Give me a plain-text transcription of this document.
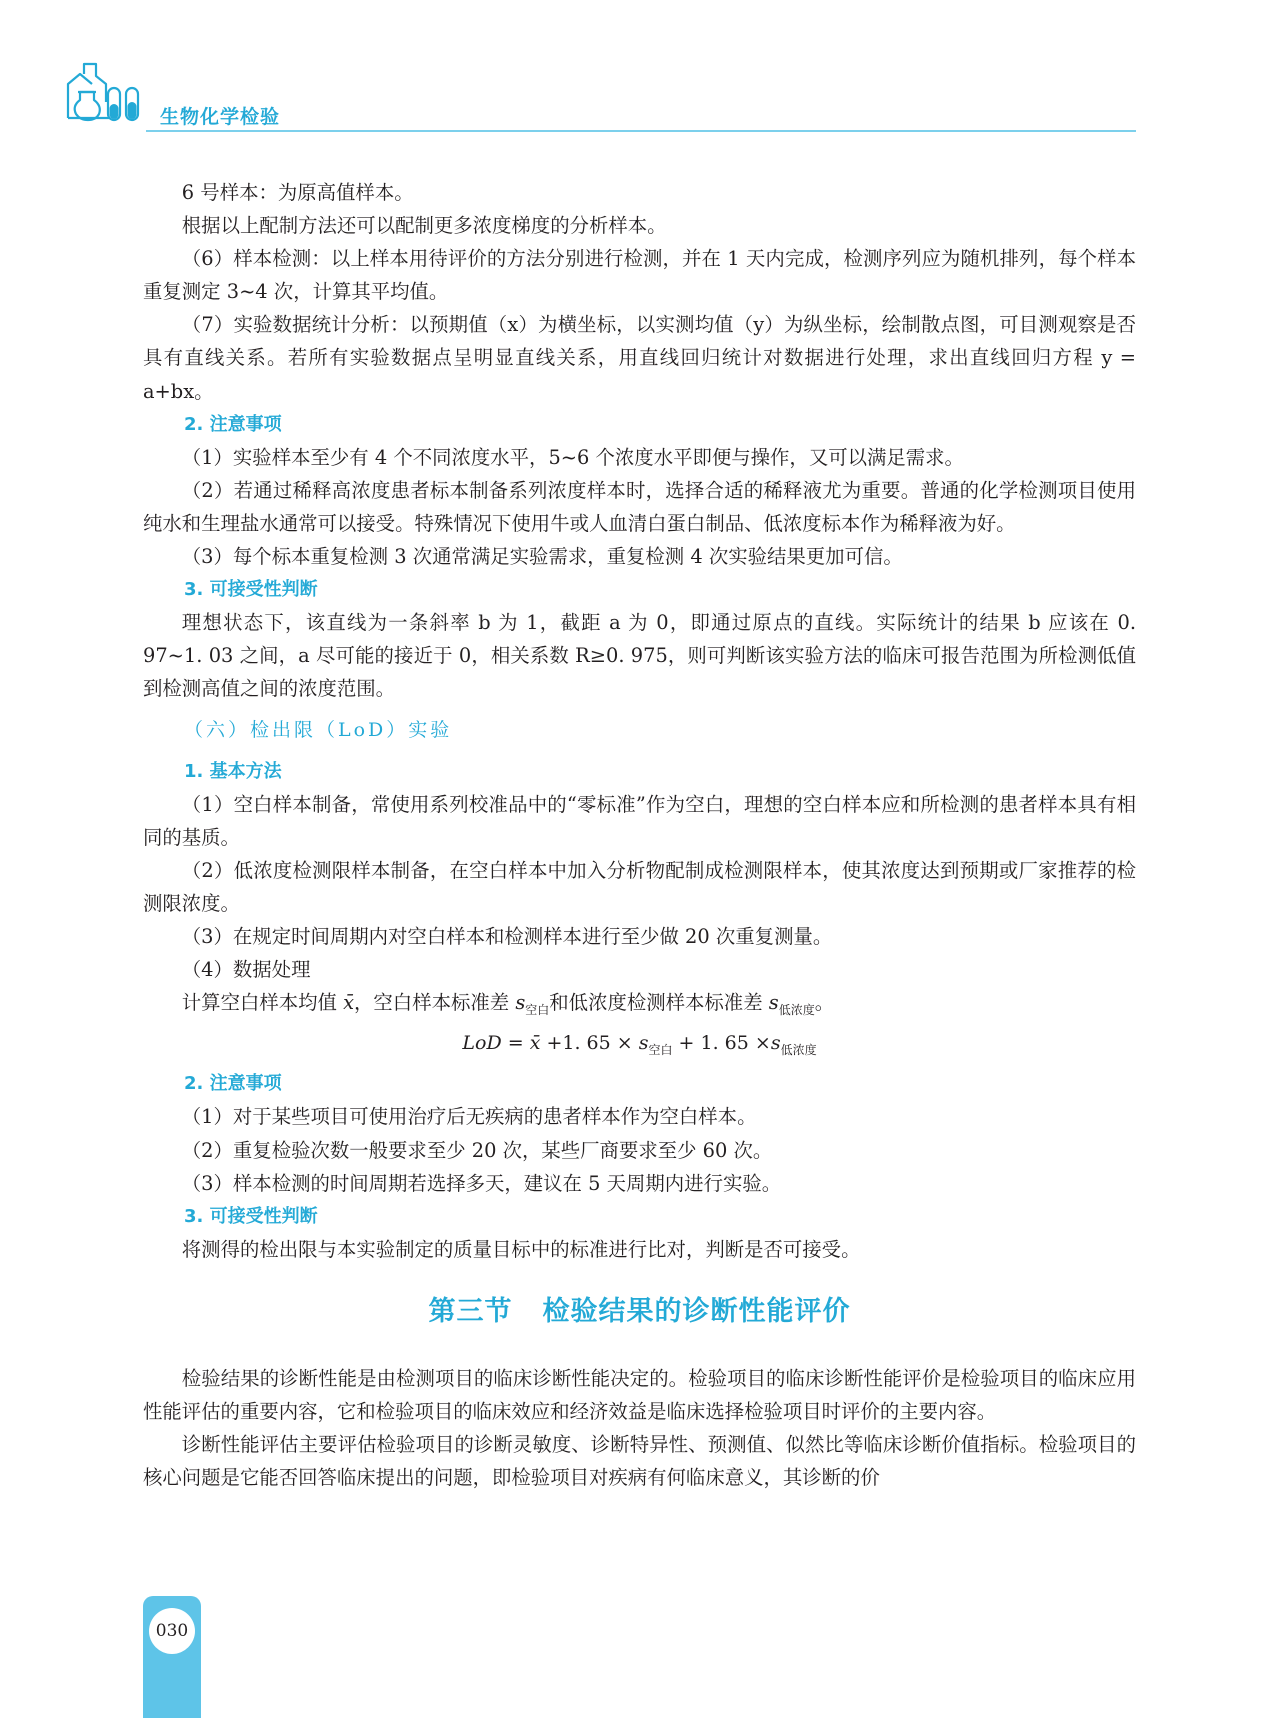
生物化学检验

6 号样本：为原高值样本。

根据以上配制方法还可以配制更多浓度梯度的分析样本。

（6）样本检测：以上样本用待评价的方法分别进行检测，并在 1 天内完成，检测序列应为随机排列，每个样本重复测定 3~4 次，计算其平均值。

（7）实验数据统计分析：以预期值（x）为横坐标，以实测均值（y）为纵坐标，绘制散点图，可目测观察是否具有直线关系。若所有实验数据点呈明显直线关系，用直线回归统计对数据进行处理，求出直线回归方程 y = a+bx。

2. 注意事项

（1）实验样本至少有 4 个不同浓度水平，5~6 个浓度水平即便与操作，又可以满足需求。

（2）若通过稀释高浓度患者标本制备系列浓度样本时，选择合适的稀释液尤为重要。普通的化学检测项目使用纯水和生理盐水通常可以接受。特殊情况下使用牛或人血清白蛋白制品、低浓度标本作为稀释液为好。

（3）每个标本重复检测 3 次通常满足实验需求，重复检测 4 次实验结果更加可信。

3. 可接受性判断

理想状态下，该直线为一条斜率 b 为 1，截距 a 为 0，即通过原点的直线。实际统计的结果 b 应该在 0. 97~1. 03 之间，a 尽可能的接近于 0，相关系数 R≥0. 975，则可判断该实验方法的临床可报告范围为所检测低值到检测高值之间的浓度范围。

（六）检出限（LoD）实验

1. 基本方法

（1）空白样本制备，常使用系列校准品中的“零标准”作为空白，理想的空白样本应和所检测的患者样本具有相同的基质。

（2）低浓度检测限样本制备，在空白样本中加入分析物配制成检测限样本，使其浓度达到预期或厂家推荐的检测限浓度。

（3）在规定时间周期内对空白样本和检测样本进行至少做 20 次重复测量。

（4）数据处理

计算空白样本均值 x̄，空白样本标准差 $s_{空白}$和低浓度检测样本标准差 $s_{低浓度}$。

LoD = x̄ +1. $65 \times s_{空白} + 1$. $65 \times s_{低浓度}$

2. 注意事项

（1）对于某些项目可使用治疗后无疾病的患者样本作为空白样本。

（2）重复检验次数一般要求至少 20 次，某些厂商要求至少 60 次。

（3）样本检测的时间周期若选择多天，建议在 5 天周期内进行实验。

3. 可接受性判断

将测得的检出限与本实验制定的质量目标中的标准进行比对，判断是否可接受。

第三节 检验结果的诊断性能评价

检验结果的诊断性能是由检测项目的临床诊断性能决定的。检验项目的临床诊断性能评价是检验项目的临床应用性能评估的重要内容，它和检验项目的临床效应和经济效益是临床选择检验项目时评价的主要内容。

诊断性能评估主要评估检验项目的诊断灵敏度、诊断特异性、预测值、似然比等临床诊断价值指标。检验项目的核心问题是它能否回答临床提出的问题，即检验项目对疾病有何临床意义，其诊断的价

030
